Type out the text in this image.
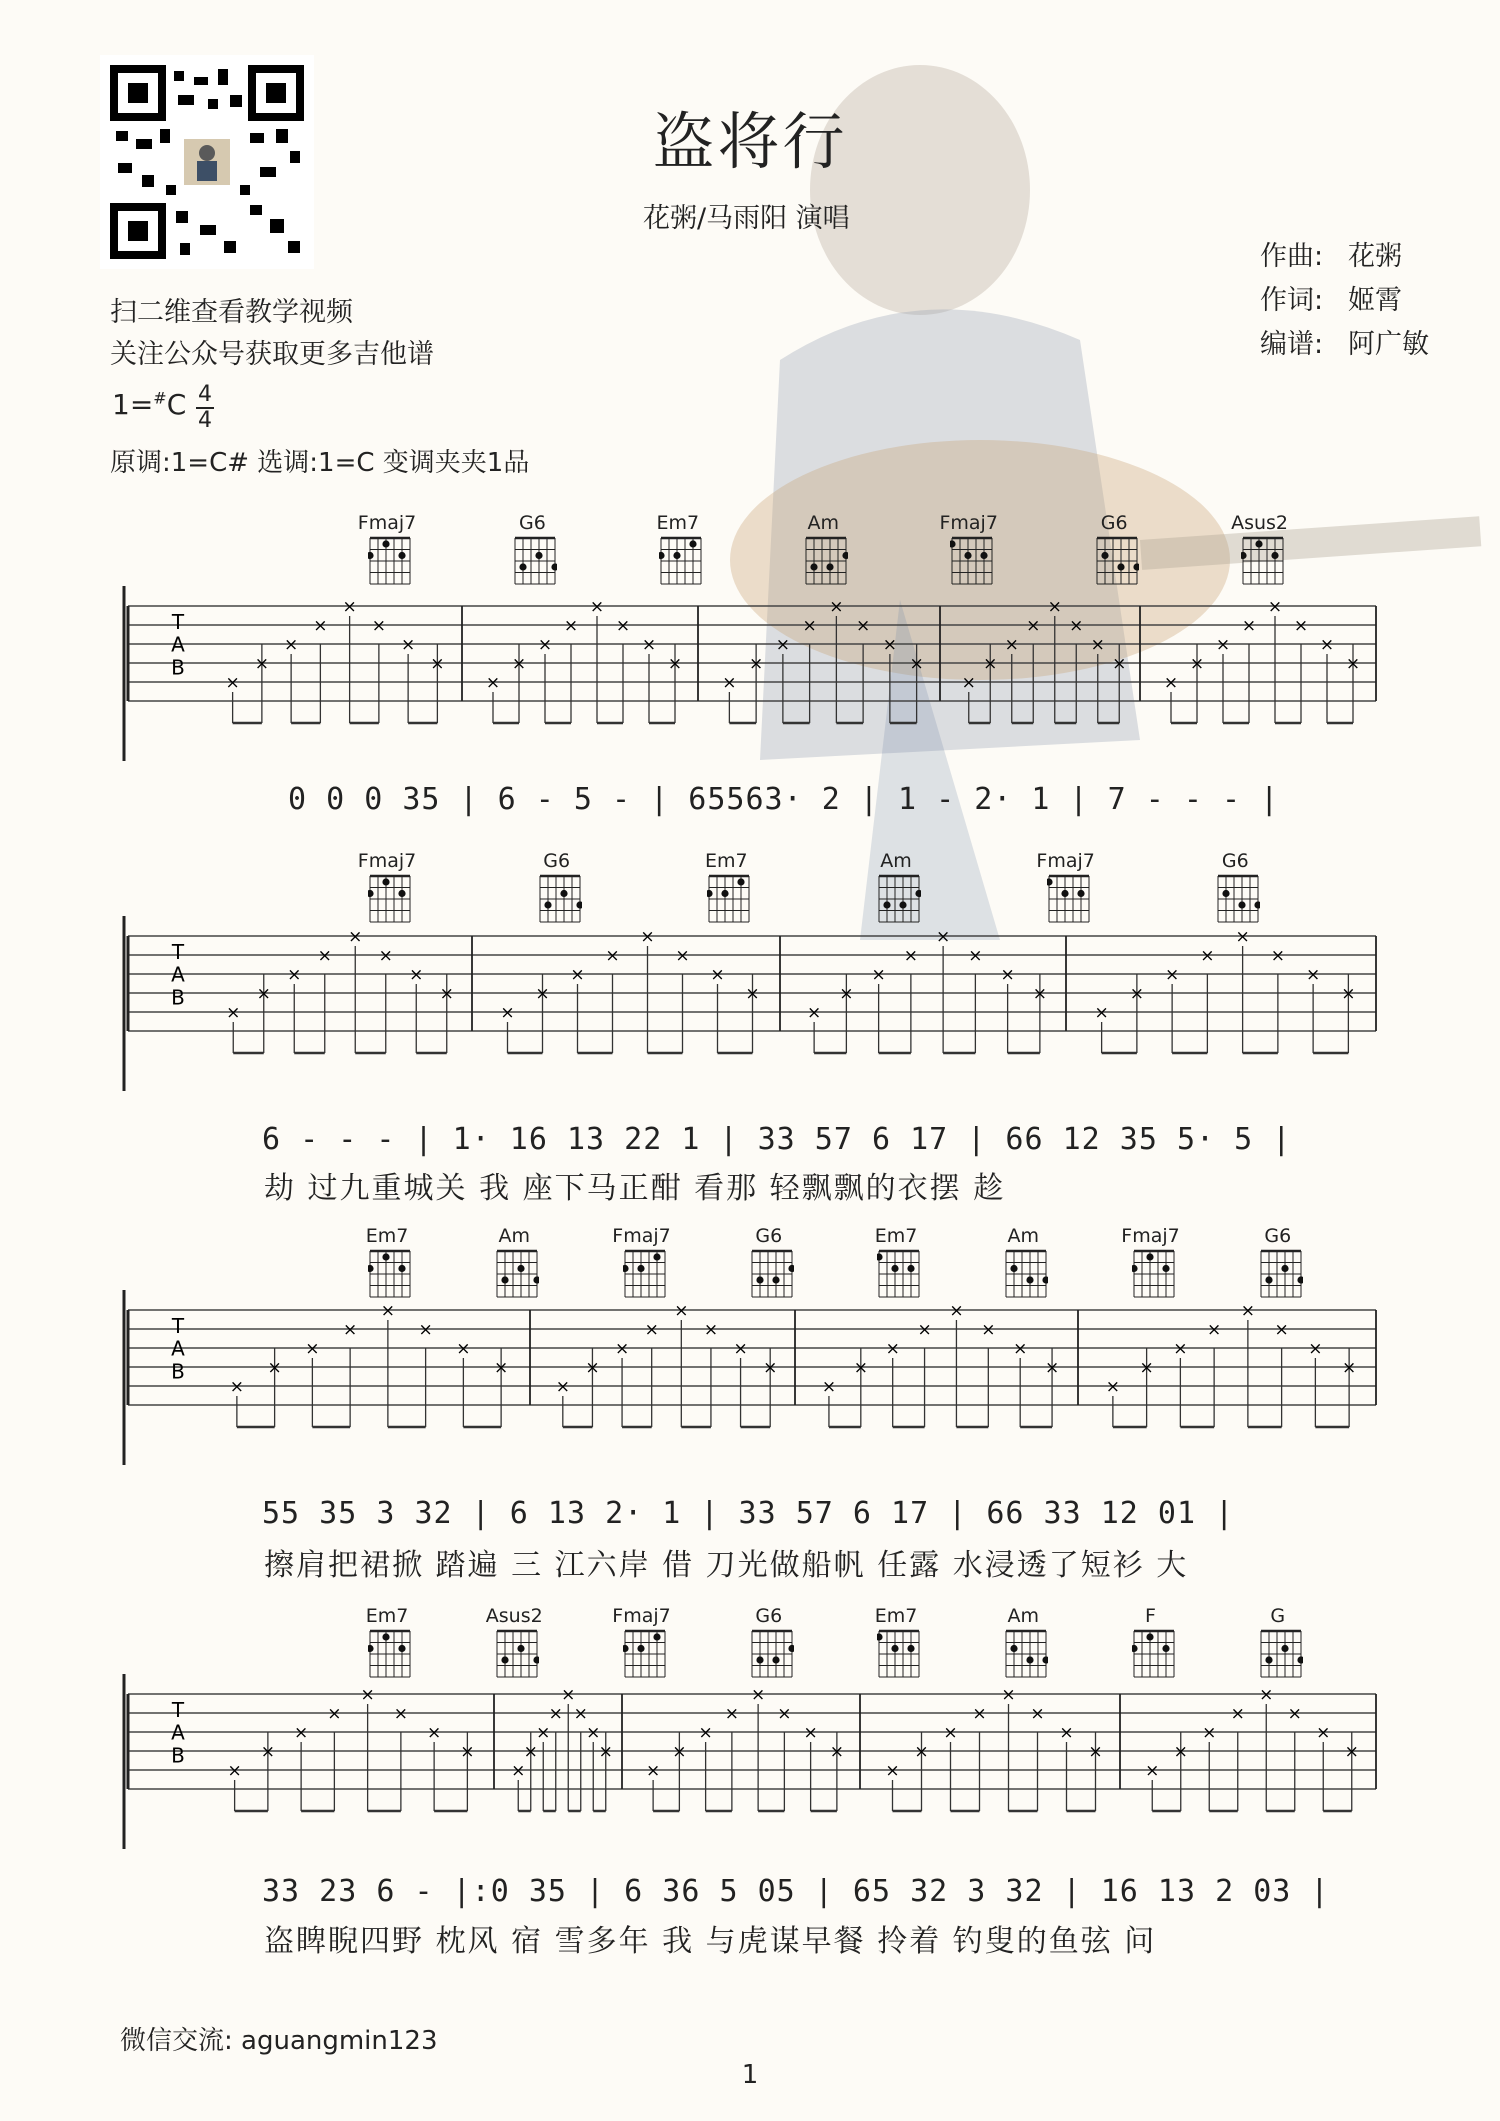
盗将行
花粥/马雨阳 演唱
作曲: 花粥
作词: 姬霄
编谱: 阿广敏
扫二维查看教学视频
关注公众号获取更多吉他谱
1=#C 4
4
原调:1=C# 选调:1=C 变调夹夹1品
T
A
B
×
×
×
×
×
×
×
×
×
×
×
×
×
×
×
×
×
×
×
×
×
×
×
×
×
×
×
×
×
×
×
×
×
×
×
×
×
×
×
×
Fmaj7	G6	Em7	Am	Fmaj7	G6	Asus2
0 0 0 35 | 6 - 5 - | 65563· 2 | 1 - 2· 1 | 7 - - - |
T
A
B
×
×
×
×
×
×
×
×
×
×
×
×
×
×
×
×
×
×
×
×
×
×
×
×
×
×
×
×
×
×
×
×
Fmaj7	G6	Em7	Am	Fmaj7	G6
6 - - - | 1· 16 13 22 1 | 33 57 6 17 | 66 12 35 5· 5 |
劫 过九重城关 我 座下马正酣 看那 轻飘飘的衣摆 趁
T
A
B
×
×
×
×
×
×
×
×
×
×
×
×
×
×
×
×
×
×
×
×
×
×
×
×
×
×
×
×
×
×
×
×
Em7	Am	Fmaj7	G6	Em7	Am	Fmaj7	G6
55 35 3 32 | 6 13 2· 1 | 33 57 6 17 | 66 33 12 01 |
擦肩把裙掀 踏遍 三 江六岸 借 刀光做船帆 任露 水浸透了短衫 大
T
A
B
×
×
×
×
×
×
×
×
×
×
×
×
×
×
×
×
×
×
×
×
×
×
×
×
×
×
×
×
×
×
×
×
×
×
×
×
×
×
×
×
Em7	Asus2	Fmaj7	G6	Em7	Am	F	G
33 23 6 - |:0 35 | 6 36 5 05 | 65 32 3 32 | 16 13 2 03 |
盗睥睨四野 枕风 宿 雪多年 我 与虎谋早餐 拎着 钓叟的鱼弦 问
微信交流: aguangmin123
1
